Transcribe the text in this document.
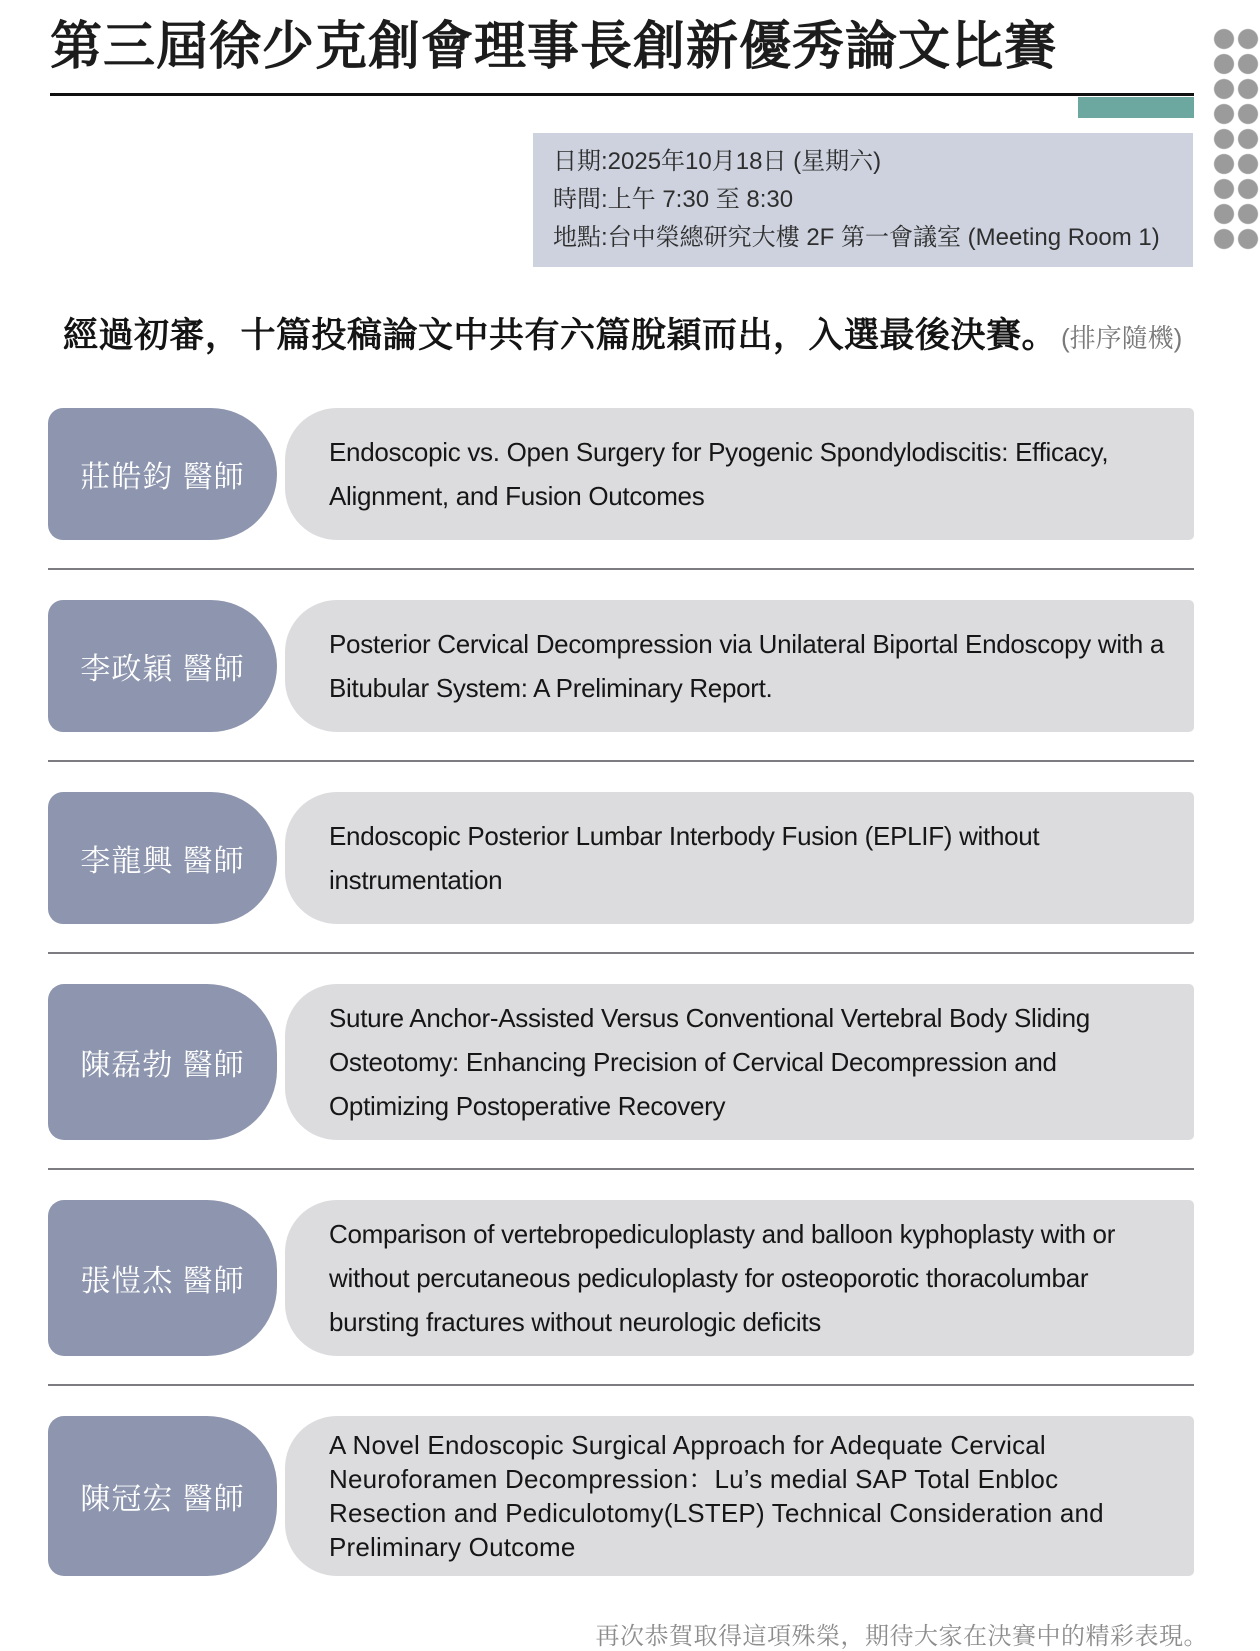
第三屆徐少克創會理事長創新優秀論文比賽
日期:2025年10月18日 (星期六)
時間:上午 7:30 至 8:30
地點:台中榮總研究大樓 2F 第一會議室 (Meeting Room 1)
經過初審，十篇投稿論文中共有六篇脫穎而出，入選最後決賽。 (排序隨機)
莊皓鈞 醫師
Endoscopic vs. Open Surgery for Pyogenic Spondylodiscitis: Efficacy, Alignment, and Fusion Outcomes
李政穎 醫師
Posterior Cervical Decompression via Unilateral Biportal Endoscopy with a Bitubular System: A Preliminary Report.
李龍興 醫師
Endoscopic Posterior Lumbar Interbody Fusion (EPLIF) without instrumentation
陳磊勃 醫師
Suture Anchor-Assisted Versus Conventional Vertebral Body Sliding Osteotomy: Enhancing Precision of Cervical Decompression and Optimizing Postoperative Recovery
張愷杰 醫師
Comparison of vertebropediculoplasty and balloon kyphoplasty with or without percutaneous pediculoplasty for osteoporotic thoracolumbar bursting fractures without neurologic deficits
陳冠宏 醫師
A Novel Endoscopic Surgical Approach for Adequate Cervical Neuroforamen Decompression：Lu’s medial SAP Total Enbloc Resection and Pediculotomy(LSTEP) Technical Consideration and Preliminary Outcome
再次恭賀取得這項殊榮，期待大家在決賽中的精彩表現。
